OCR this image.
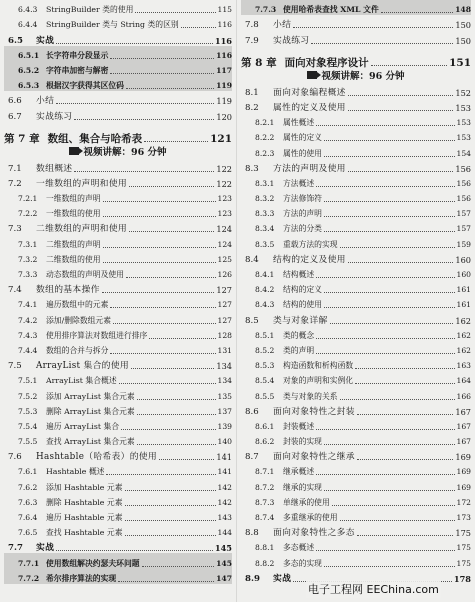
6.4.3	StringBuilder 类的使用	115
6.4.4	StringBuilder 类与 String 类的区别	116
6.5	实战	116
6.5.1 长字符串分段显示	116
6.5.2 字符串加密与解密	117
6.5.3 根据汉字获得其区位码	119
6.6	小结	119
6.7	实战练习	120
第 7 章 数组、集合与哈希表	121
视频讲解：96 分钟
7.1	数组概述	122
7.2	一维数组的声明和使用	122
7.2.1	一维数组的声明	123
7.2.2	一维数组的使用	123
7.3	二维数组的声明和使用	124
7.3.1	二维数组的声明	124
7.3.2	二维数组的使用	125
7.3.3	动态数组的声明及使用	126
7.4	数组的基本操作	127
7.4.1	遍历数组中的元素	127
7.4.2	添加/删除数组元素	127
7.4.3	使用排序算法对数组进行排序	128
7.4.4	数组的合并与拆分	131
7.5	ArrayList 集合的使用	134
7.5.1	ArrayList 集合概述	134
7.5.2	添加 ArrayList 集合元素	135
7.5.3	删除 ArrayList 集合元素	137
7.5.4	遍历 ArrayList 集合	139
7.5.5	查找 ArrayList 集合元素	140
7.6	Hashtable（哈希表）的使用	141
7.6.1	Hashtable 概述	141
7.6.2	添加 Hashtable 元素	142
7.6.3	删除 Hashtable 元素	142
7.6.4	遍历 Hashtable 元素	143
7.6.5	查找 Hashtable 元素	144
7.7	实战	145
7.7.1 使用数组解决约瑟夫环问题	145
7.7.2 希尔排序算法的实现	147
7.7.3 使用哈希表查找 XML 文件	148
7.8	小结	150
7.9	实战练习	150
第 8 章 面向对象程序设计	151
视频讲解：96 分钟
8.1	面向对象编程概述	152
8.2	属性的定义及使用	153
8.2.1	属性概述	153
8.2.2	属性的定义	153
8.2.3	属性的使用	154
8.3	方法的声明及使用	156
8.3.1	方法概述	156
8.3.2	方法修饰符	156
8.3.3	方法的声明	157
8.3.4	方法的分类	157
8.3.5	重载方法的实现	159
8.4	结构的定义及使用	160
8.4.1	结构概述	160
8.4.2	结构的定义	161
8.4.3	结构的使用	161
8.5	类与对象详解	162
8.5.1	类的概念	162
8.5.2	类的声明	162
8.5.3	构造函数和析构函数	163
8.5.4	对象的声明和实例化	164
8.5.5	类与对象的关系	166
8.6	面向对象特性之封装	167
8.6.1	封装概述	167
8.6.2	封装的实现	167
8.7	面向对象特性之继承	169
8.7.1	继承概述	169
8.7.2	继承的实现	169
8.7.3	单继承的使用	172
8.7.4	多重继承的使用	173
8.8	面向对象特性之多态	175
8.8.1	多态概述	175
8.8.2	多态的实现	175
8.9	实战	178
电子工程网 EEChina.com
